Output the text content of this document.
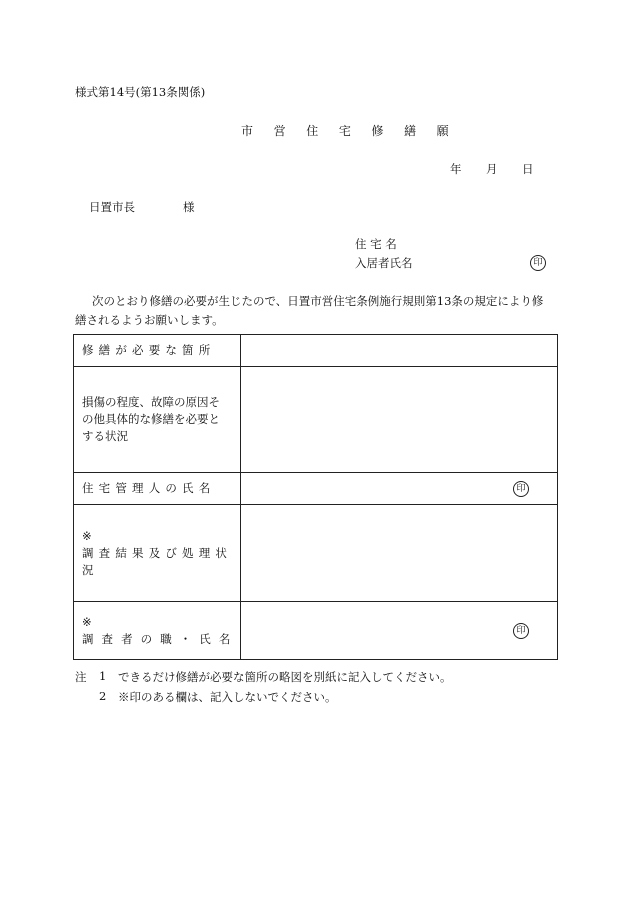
様式第14号(第13条関係)
市 営 住 宅 修 繕 願
年 月 日
日置市長	様
住 宅 名
入居者氏名	印
次のとおり修繕の必要が生じたので、日置市営住宅条例施行規則第13条の規定により修
繕されるようお願いします。
修繕が必要な箇所	

損傷の程度、故障の原因そ
の他具体的な修繕を必要と
する状況	

住宅管理人の氏名	印

※
調査結果及び処理状況	

※
調査者の職・氏名	印
注 1 できるだけ修繕が必要な箇所の略図を別紙に記入してください。
2 ※印のある欄は、記入しないでください。
